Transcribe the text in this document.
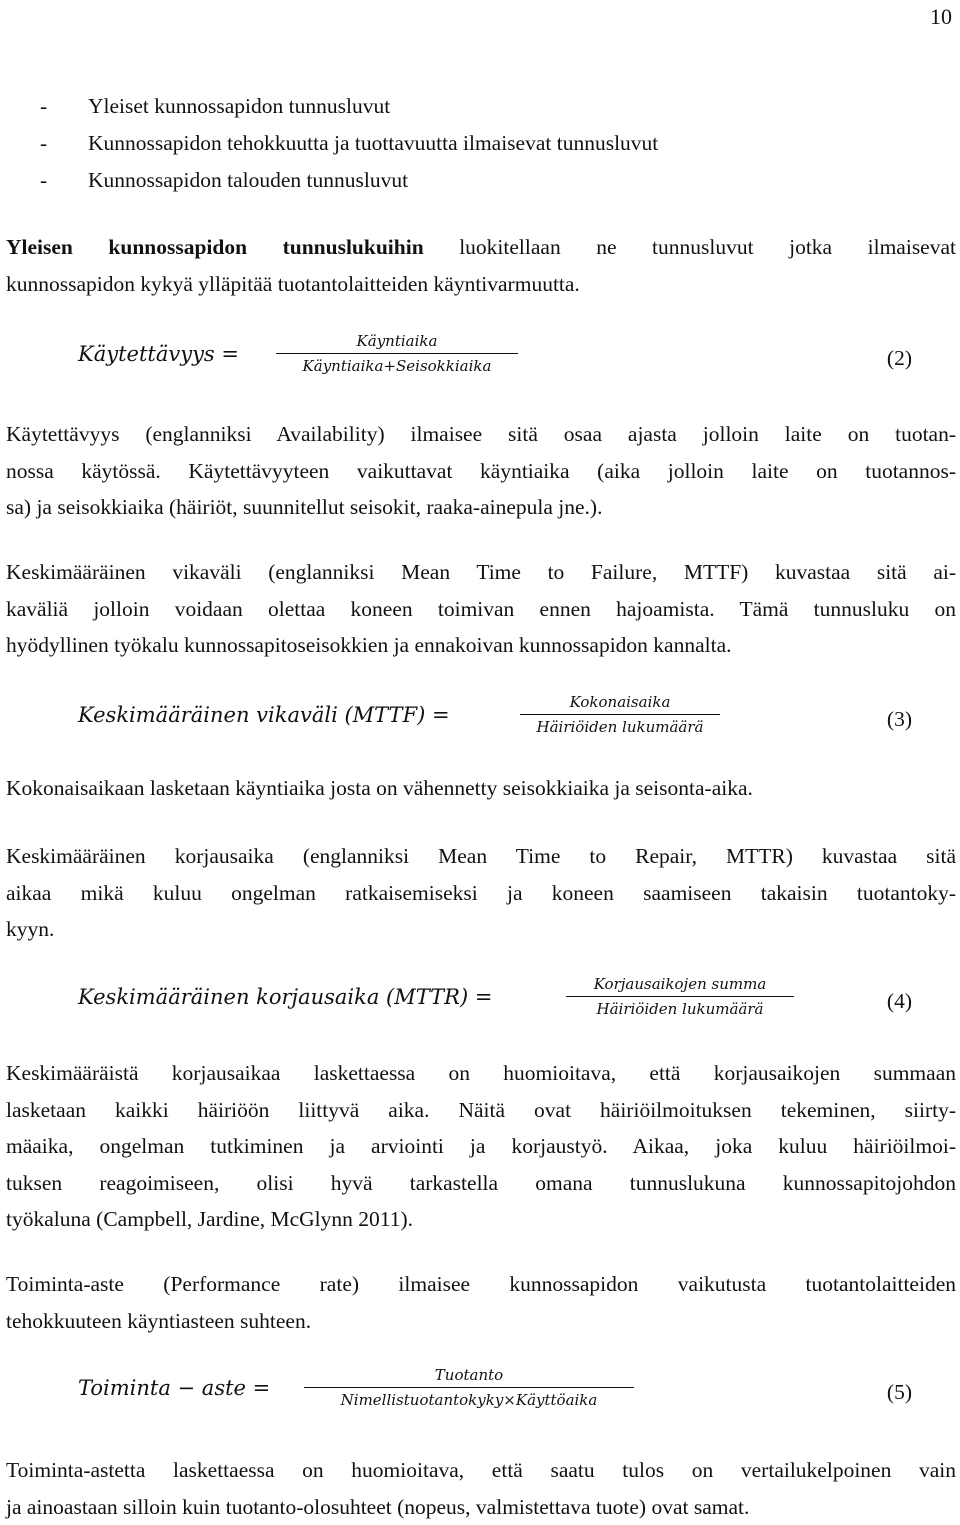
10
- Yleiset kunnossapidon tunnusluvut
- Kunnossapidon tehokkuutta ja tuottavuutta ilmaisevat tunnusluvut
- Kunnossapidon talouden tunnusluvut
Yleisen kunnossapidon tunnuslukuihin luokitellaan ne tunnusluvut jotka ilmaisevat
kunnossapidon kykyä ylläpitää tuotantolaitteiden käyntivarmuutta.
Käytettävyys =
Käyntiaika
Käyntiaika+Seisokkiaika	(2)
Käytettävyys (englanniksi Availability) ilmaisee sitä osaa ajasta jolloin laite on tuotan-
nossa käytössä. Käytettävyyteen vaikuttavat käyntiaika (aika jolloin laite on tuotannos-
sa) ja seisokkiaika (häiriöt, suunnitellut seisokit, raaka-ainepula jne.).
Keskimääräinen vikaväli (englanniksi Mean Time to Failure, MTTF) kuvastaa sitä ai-
kaväliä jolloin voidaan olettaa koneen toimivan ennen hajoamista. Tämä tunnusluku on
hyödyllinen työkalu kunnossapitoseisokkien ja ennakoivan kunnossapidon kannalta.
Keskimääräinen vikaväli (MTTF) =
Kokonaisaika
Häiriöiden lukumäärä	(3)
Kokonaisaikaan lasketaan käyntiaika josta on vähennetty seisokkiaika ja seisonta-aika.
Keskimääräinen korjausaika (englanniksi Mean Time to Repair, MTTR) kuvastaa sitä
aikaa mikä kuluu ongelman ratkaisemiseksi ja koneen saamiseen takaisin tuotantoky-
kyyn.
Keskimääräinen korjausaika (MTTR) =
Korjausaikojen summa
Häiriöiden lukumäärä	(4)
Keskimääräistä korjausaikaa laskettaessa on huomioitava, että korjausaikojen summaan
lasketaan kaikki häiriöön liittyvä aika. Näitä ovat häiriöilmoituksen tekeminen, siirty-
mäaika, ongelman tutkiminen ja arviointi ja korjaustyö. Aikaa, joka kuluu häiriöilmoi-
tuksen reagoimiseen, olisi hyvä tarkastella omana tunnuslukuna kunnossapitojohdon
työkaluna (Campbell, Jardine, McGlynn 2011).
Toiminta-aste (Performance rate) ilmaisee kunnossapidon vaikutusta tuotantolaitteiden
tehokkuuteen käyntiasteen suhteen.
Toiminta − aste =
Tuotanto
Nimellistuotantokyky×Käyttöaika	(5)
Toiminta-astetta laskettaessa on huomioitava, että saatu tulos on vertailukelpoinen vain
ja ainoastaan silloin kuin tuotanto-olosuhteet (nopeus, valmistettava tuote) ovat samat.
